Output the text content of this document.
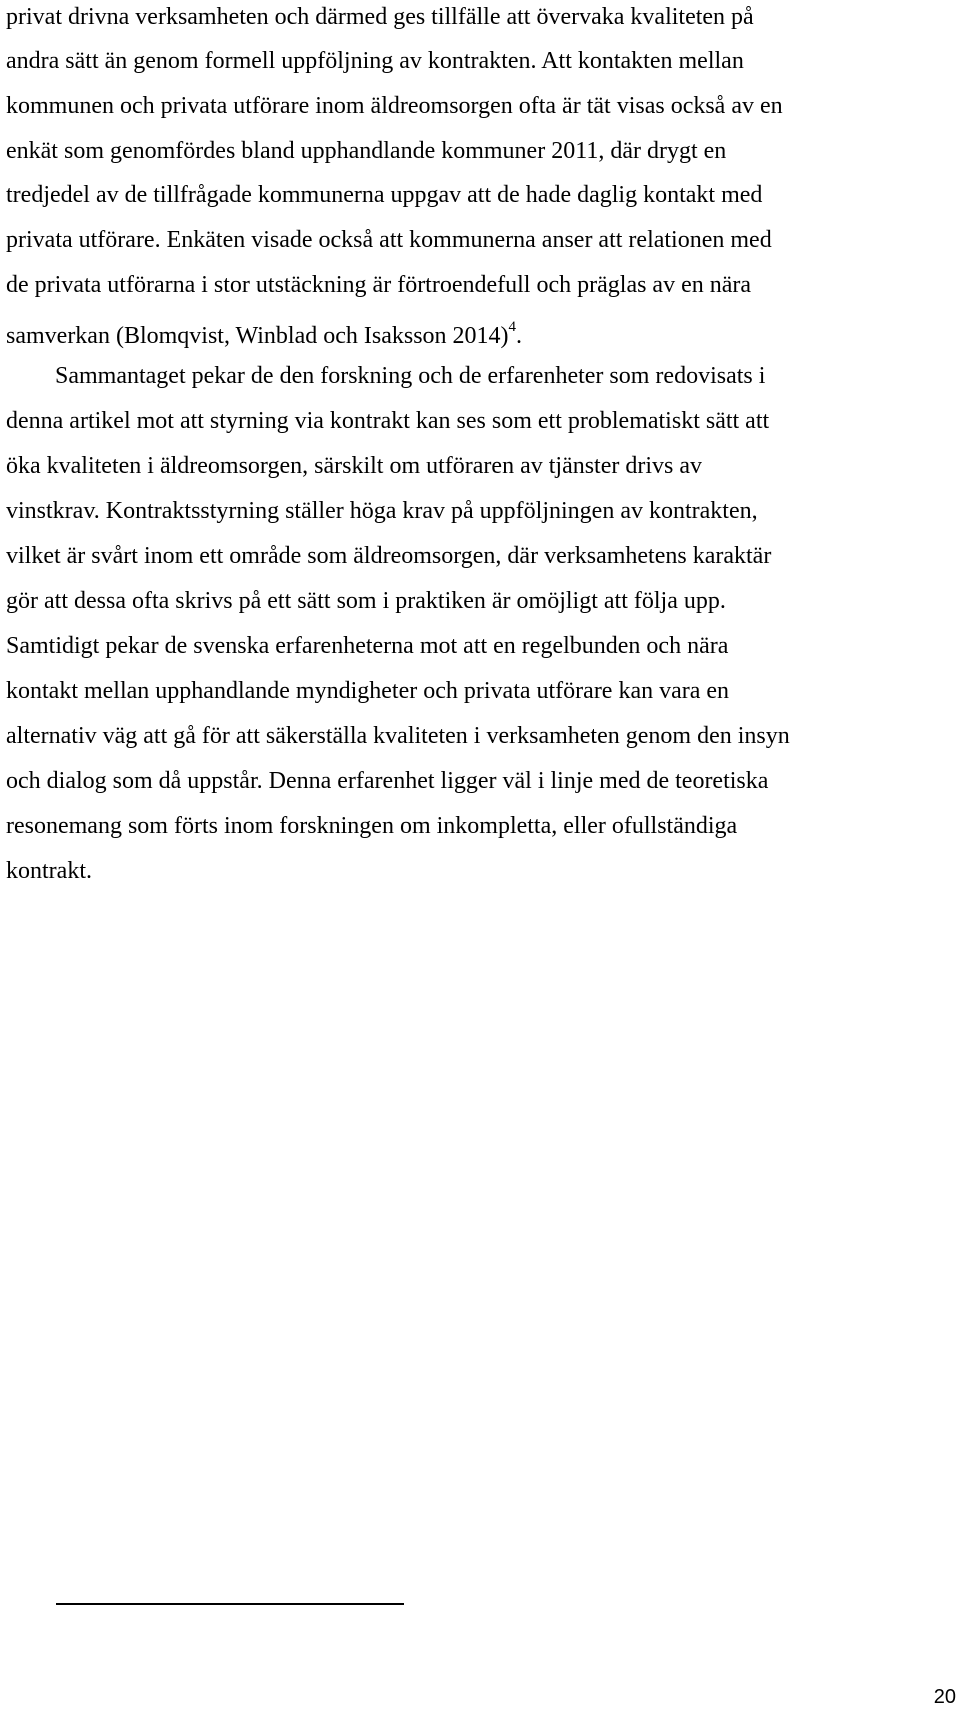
privat drivna verksamheten och därmed ges tillfälle att övervaka kvaliteten på
andra sätt än genom formell uppföljning av kontrakten. Att kontakten mellan
kommunen och privata utförare inom äldreomsorgen ofta är tät visas också av en
enkät som genomfördes bland upphandlande kommuner 2011, där drygt en
tredjedel av de tillfrågade kommunerna uppgav att de hade daglig kontakt med
privata utförare. Enkäten visade också att kommunerna anser att relationen med
de privata utförarna i stor utstäckning är förtroendefull och präglas av en nära
samverkan (Blomqvist, Winblad och Isaksson 2014)$^4$.
Sammantaget pekar de den forskning och de erfarenheter som redovisats i
denna artikel mot att styrning via kontrakt kan ses som ett problematiskt sätt att
öka kvaliteten i äldreomsorgen, särskilt om utföraren av tjänster drivs av
vinstkrav. Kontraktsstyrning ställer höga krav på uppföljningen av kontrakten,
vilket är svårt inom ett område som äldreomsorgen, där verksamhetens karaktär
gör att dessa ofta skrivs på ett sätt som i praktiken är omöjligt att följa upp.
Samtidigt pekar de svenska erfarenheterna mot att en regelbunden och nära
kontakt mellan upphandlande myndigheter och privata utförare kan vara en
alternativ väg att gå för att säkerställa kvaliteten i verksamheten genom den insyn
och dialog som då uppstår. Denna erfarenhet ligger väl i linje med de teoretiska
resonemang som förts inom forskningen om inkompletta, eller ofullständiga
kontrakt.
20
